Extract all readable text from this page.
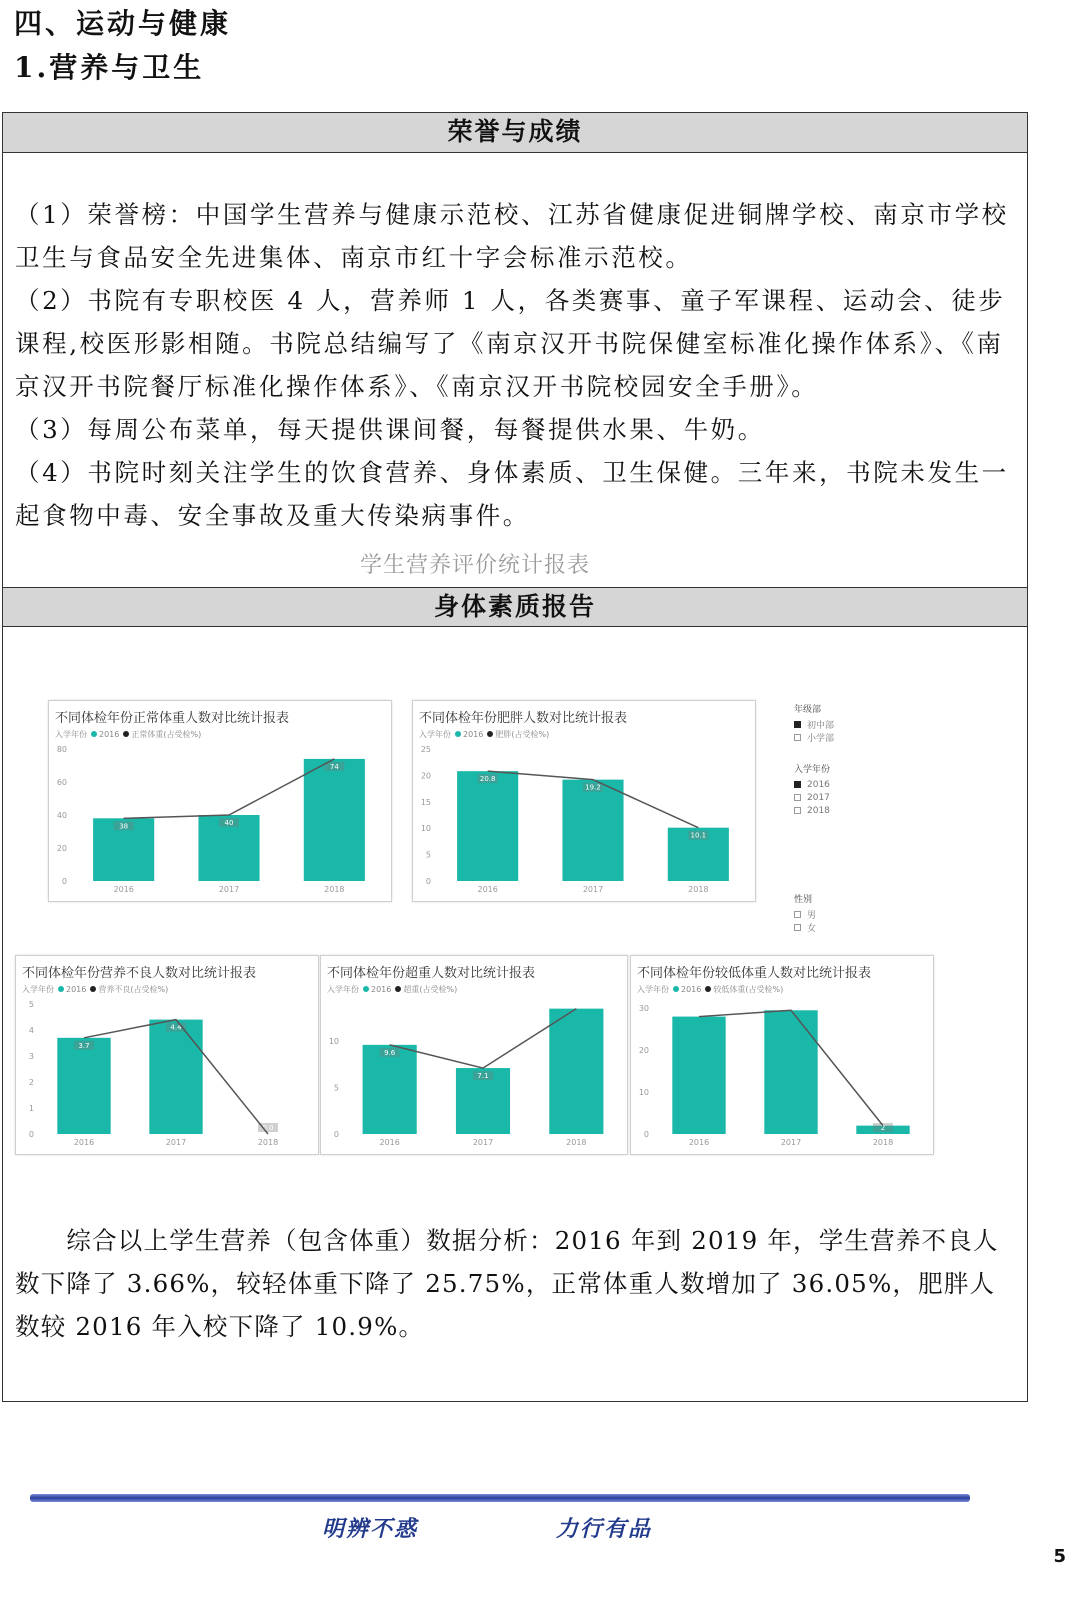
四、运动与健康
1.营养与卫生
荣誉与成绩
（1）荣誉榜：中国学生营养与健康示范校、江苏省健康促进铜牌学校、南京市学校卫生与食品安全先进集体、南京市红十字会标准示范校。
（2）书院有专职校医 4 人，营养师 1 人，各类赛事、童子军课程、运动会、徒步课程,校医形影相随。书院总结编写了《南京汉开书院保健室标准化操作体系》、《南京汉开书院餐厅标准化操作体系》、《南京汉开书院校园安全手册》。
（3）每周公布菜单，每天提供课间餐，每餐提供水果、牛奶。
（4）书院时刻关注学生的饮食营养、身体素质、卫生保健。三年来，书院未发生一起食物中毒、安全事故及重大传染病事件。
身体素质报告
　　综合以上学生营养（包含体重）数据分析：2016 年到 2019 年，学生营养不良人数下降了 3.66%，较轻体重下降了 25.75%，正常体重人数增加了 36.05%，肥胖人数较 2016 年入校下降了 10.9%。
学生营养评价统计报表
不同体检年份正常体重人数对比统计报表
入学年份 2016 正常体重(占受检%)
0
20
40
60
80
38
2016
40
2017
74
2018
不同体检年份肥胖人数对比统计报表
入学年份 2016 肥胖(占受检%)
0
5
10
15
20
25
20.8
2016
19.2
2017
10.1
2018
不同体检年份营养不良人数对比统计报表
入学年份 2016 营养不良(占受检%)
0
1
2
3
4
5
3.7
2016
4.4
2017
0.0
2018
不同体检年份超重人数对比统计报表
入学年份 2016 超重(占受检%)
0
5
10
9.6
2016
7.1
2017	2018
不同体检年份较低体重人数对比统计报表
入学年份 2016 较低体重(占受检%)
0
10
20
30
2016	2017
2
2018
年级部
初中部
小学部
入学年份
2016
2017
2018
性别
男
女
明辨不惑	力行有品
5
